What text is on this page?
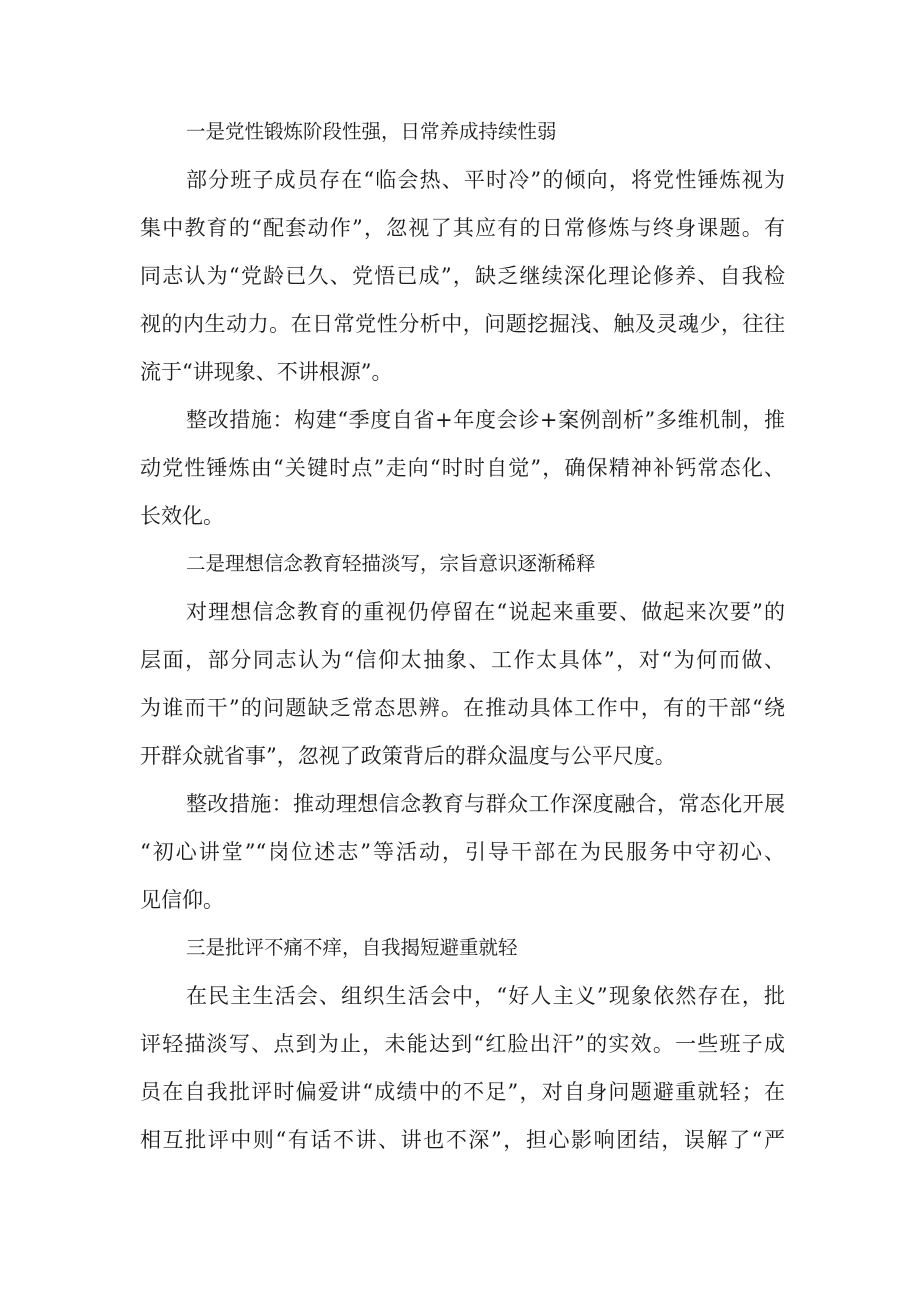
一是党性锻炼阶段性强，日常养成持续性弱

部分班子成员存在“临会热、平时冷”的倾向，将党性锤炼视为
集中教育的“配套动作”，忽视了其应有的日常修炼与终身课题。有
同志认为“党龄已久、党悟已成”，缺乏继续深化理论修养、自我检
视的内生动力。在日常党性分析中，问题挖掘浅、触及灵魂少，往往
流于“讲现象、不讲根源”。
整改措施：构建“季度自省+年度会诊+案例剖析”多维机制，推
动党性锤炼由“关键时点”走向“时时自觉”，确保精神补钙常态化、
长效化。

二是理想信念教育轻描淡写，宗旨意识逐渐稀释

对理想信念教育的重视仍停留在“说起来重要、做起来次要”的
层面，部分同志认为“信仰太抽象、工作太具体”，对“为何而做、
为谁而干”的问题缺乏常态思辨。在推动具体工作中，有的干部“绕
开群众就省事”，忽视了政策背后的群众温度与公平尺度。
整改措施：推动理想信念教育与群众工作深度融合，常态化开展
“初心讲堂”“岗位述志”等活动，引导干部在为民服务中守初心、
见信仰。

三是批评不痛不痒，自我揭短避重就轻

在民主生活会、组织生活会中，“好人主义”现象依然存在，批
评轻描淡写、点到为止，未能达到“红脸出汗”的实效。一些班子成
员在自我批评时偏爱讲“成绩中的不足”，对自身问题避重就轻；在
相互批评中则“有话不讲、讲也不深”，担心影响团结，误解了“严
